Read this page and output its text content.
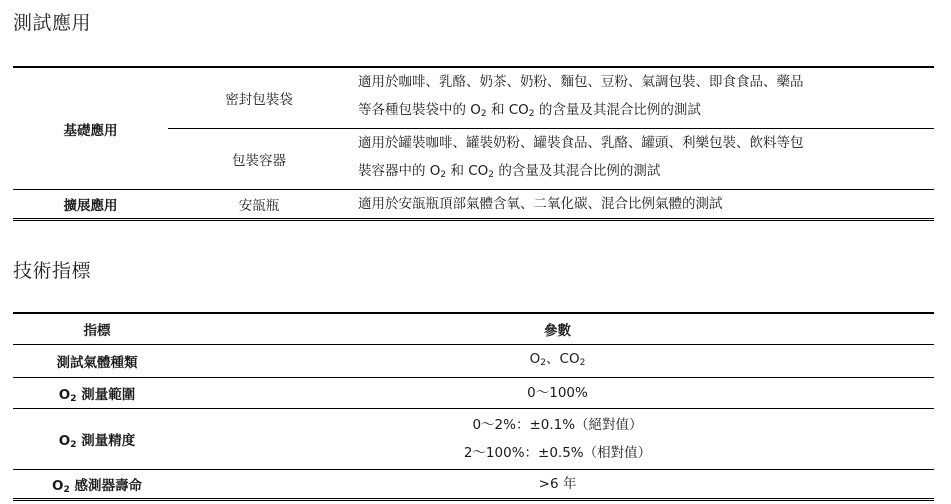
測試應用
基礎應用	密封包裝袋	適用於咖啡、乳酪、奶茶、奶粉、麵包、豆粉、氣調包裝、即食食品、藥品
等各種包裝袋中的 $O_2$ 和 $CO_2$ 的含量及其混合比例的測試

	包裝容器	適用於罐裝咖啡、罐裝奶粉、罐裝食品、乳酪、罐頭、利樂包裝、飲料等包
裝容器中的 $O_2$ 和 $CO_2$ 的含量及其混合比例的測試

擴展應用	安瓿瓶	適用於安瓿瓶頂部氣體含氧、二氧化碳、混合比例氣體的測試
技術指標
指標	參數
測試氣體種類	$O_2$、$CO_2$
$O_2$ 測量範圍	0～100%
$O_2$ 測量精度	0～2%：±0.1%（絕對值）
2～100%：±0.5%（相對值）

$O_2$ 感測器壽命	>6 年
